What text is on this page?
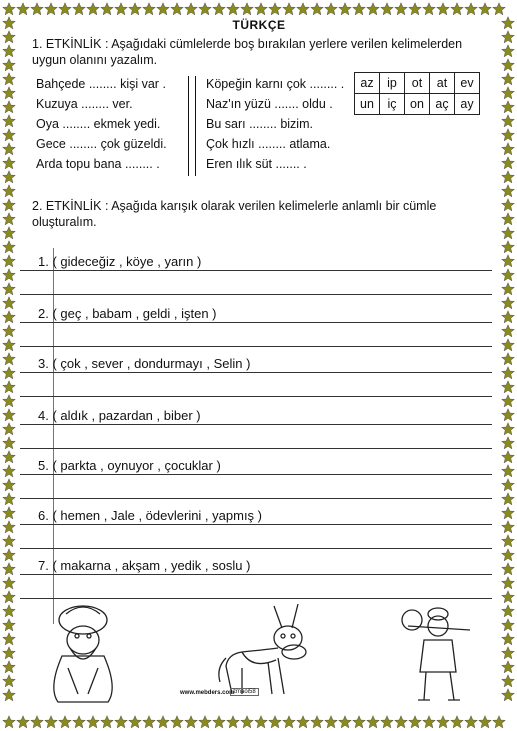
TÜRKÇE
1. ETKİNLİK : Aşağıdaki cümlelerde boş bırakılan yerlere verilen kelimelerden uygun olanını yazalım.
Bahçede ........ kişi var .
Kuzuya ........ ver.
Oya ........ ekmek yedi.
Gece ........ çok güzeldi.
Arda topu bana ........ .
Köpeğin karnı çok ........ .
Naz'ın yüzü ....... oldu .
Bu sarı ........ bizim.
Çok hızlı ........ atlama.
Eren ılık süt ....... .
az	ip	ot	at	ev
un	iç	on	aç	ay
2. ETKİNLİK : Aşağıda karışık olarak verilen kelimelerle anlamlı bir cümle oluşturalım.
1. ( gideceğiz , köye , yarın )
2. ( geç , babam , geldi , işten )
3. ( çok , sever , dondurmayı , Selin )
4. ( aldık , pazardan , biber )
5. ( parkta , oynuyor , çocuklar )
6. ( hemen , Jale , ödevlerini , yapmış )
7. ( makarna , akşam , yedik , soslu )
www.mebders.com
zmaoi58
